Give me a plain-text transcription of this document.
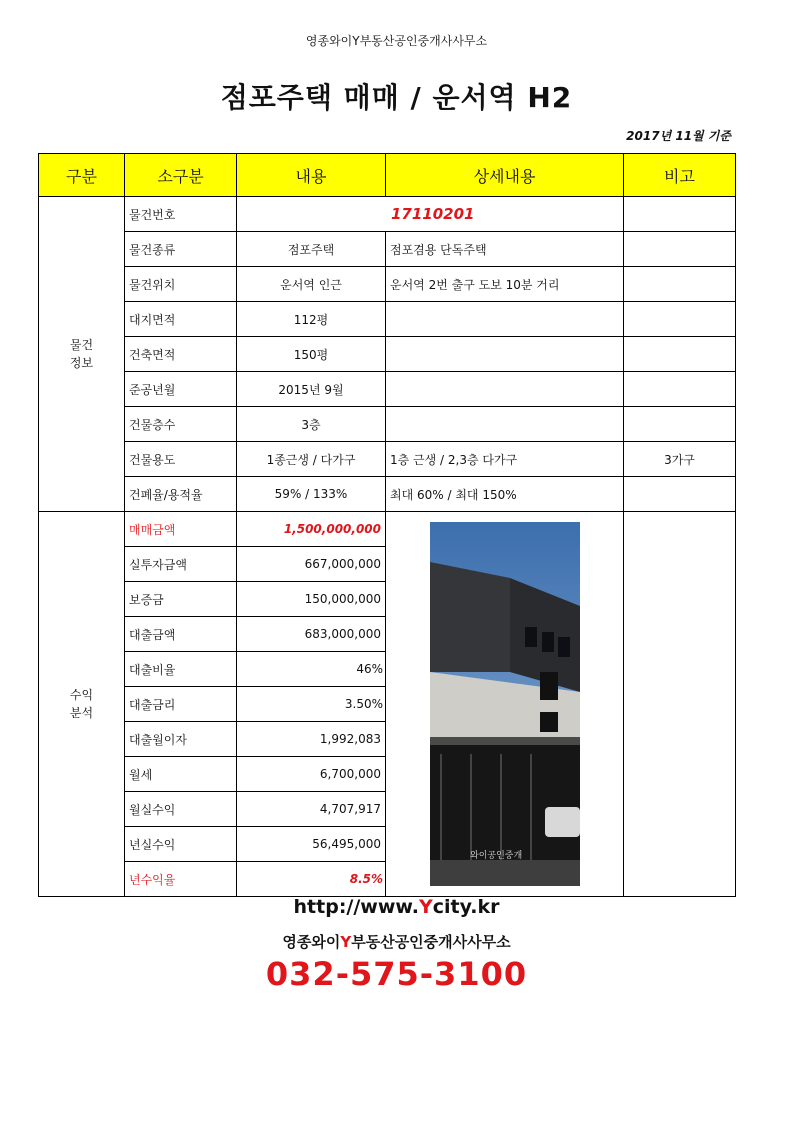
영종와이Y부동산공인중개사사무소
점포주택 매매 / 운서역 H2
2017년 11월 기준
구분	소구분	내용	상세내용	비고
물건
정보	물건번호	17110201		
	물건종류	점포주택	점포겸용 단독주택	
	물건위치	운서역 인근	운서역 2번 출구 도보 10분 거리	
	대지면적	112평		
	건축면적	150평		
	준공년월	2015년 9월		
	건물층수	3층		
	건물용도	1종근생 / 다가구	1층 근생 / 2,3층 다가구	3가구
	건폐율/용적율	59% / 133%	최대 60% / 최대 150%	
수익
분석	매매금액	1,500,000,000	와이공인중개	

	실투자금액	667,000,000		
	보증금	150,000,000		
	대출금액	683,000,000		
	대출비율	46%		
	대출금리	3.50%		
	대출월이자	1,992,083		
	월세	6,700,000		
	월실수익	4,707,917		
	년실수익	56,495,000		
	년수익율	8.5%		
http://www.Ycity.kr
영종와이Y부동산공인중개사사무소
032-575-3100
